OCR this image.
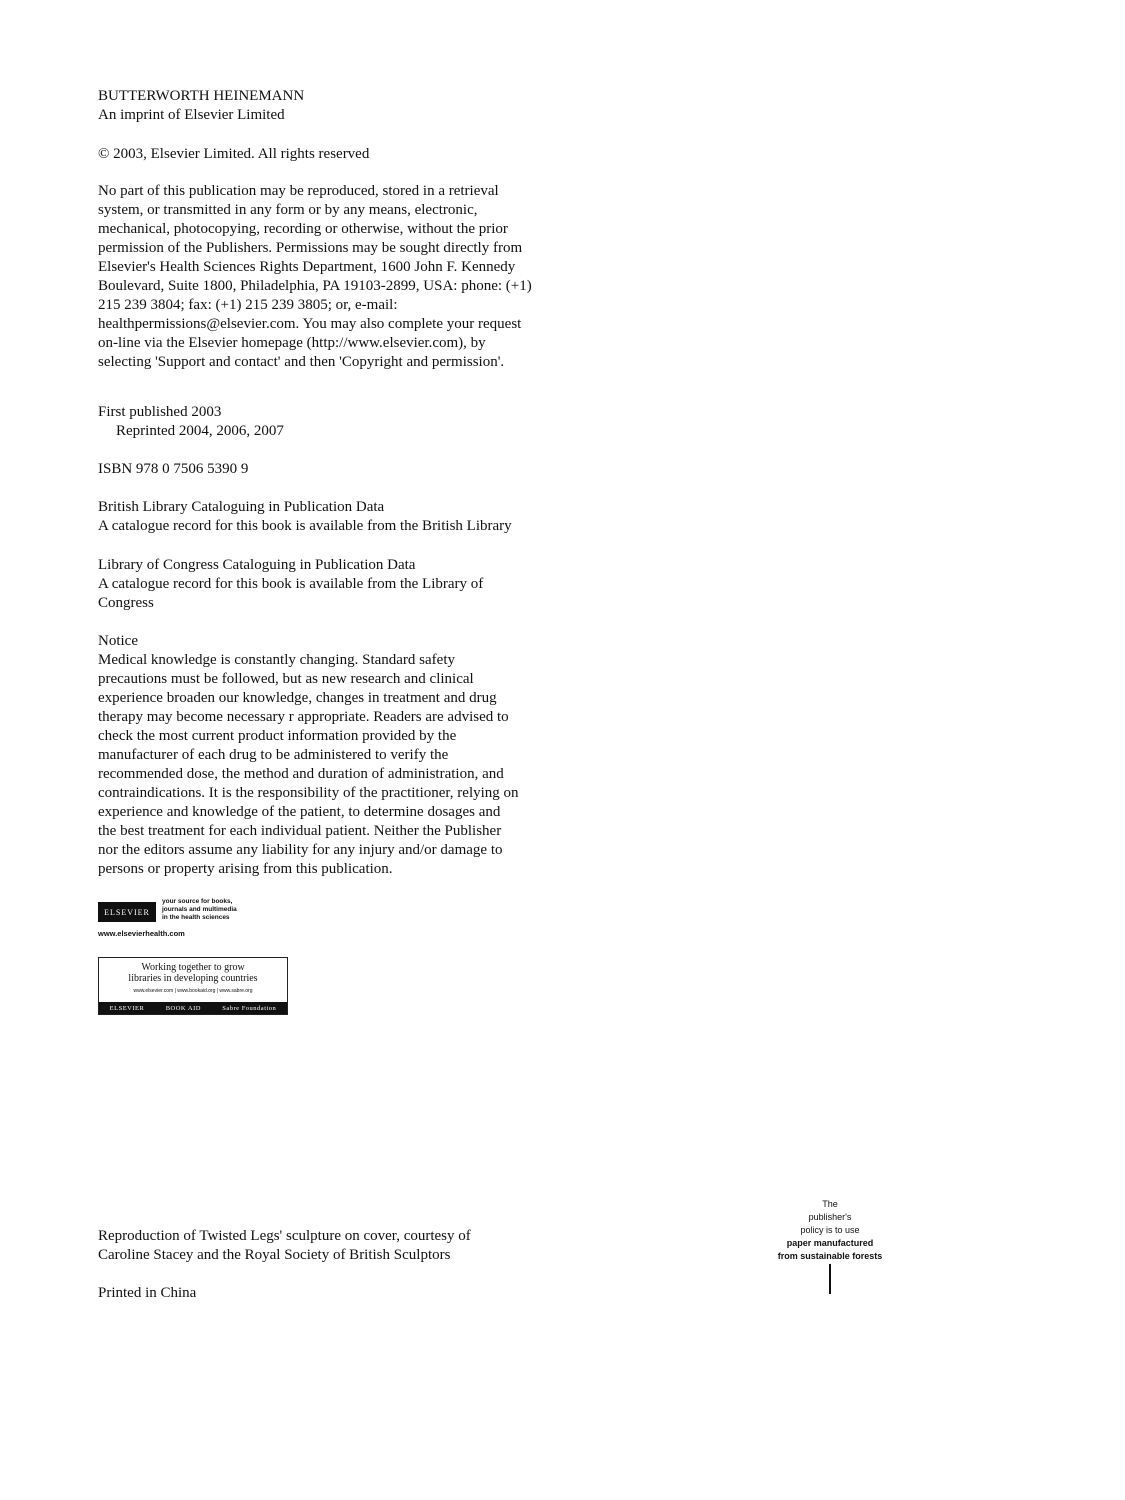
BUTTERWORTH HEINEMANN
An imprint of Elsevier Limited
© 2003, Elsevier Limited. All rights reserved
No part of this publication may be reproduced, stored in a retrieval
system, or transmitted in any form or by any means, electronic,
mechanical, photocopying, recording or otherwise, without the prior
permission of the Publishers. Permissions may be sought directly from
Elsevier's Health Sciences Rights Department, 1600 John F. Kennedy
Boulevard, Suite 1800, Philadelphia, PA 19103-2899, USA: phone: (+1)
215 239 3804; fax: (+1) 215 239 3805; or, e-mail:
healthpermissions@elsevier.com. You may also complete your request
on-line via the Elsevier homepage (http://www.elsevier.com), by
selecting 'Support and contact' and then 'Copyright and permission'.
First published 2003
Reprinted 2004, 2006, 2007
ISBN 978 0 7506 5390 9
British Library Cataloguing in Publication Data
A catalogue record for this book is available from the British Library
Library of Congress Cataloguing in Publication Data
A catalogue record for this book is available from the Library of
Congress
Notice
Medical knowledge is constantly changing. Standard safety
precautions must be followed, but as new research and clinical
experience broaden our knowledge, changes in treatment and drug
therapy may become necessary r appropriate. Readers are advised to
check the most current product information provided by the
manufacturer of each drug to be administered to verify the
recommended dose, the method and duration of administration, and
contraindications. It is the responsibility of the practitioner, relying on
experience and knowledge of the patient, to determine dosages and
the best treatment for each individual patient. Neither the Publisher
nor the editors assume any liability for any injury and/or damage to
persons or property arising from this publication.
ELSEVIER
your source for books,
journals and multimedia
in the health sciences
www.elsevierhealth.com
Working together to grow
libraries in developing countries
www.elsevier.com | www.bookaid.org | www.sabre.org
ELSEVIER	BOOK AID	Sabre Foundation
Reproduction of Twisted Legs' sculpture on cover, courtesy of
Caroline Stacey and the Royal Society of British Sculptors
Printed in China
The
publisher's
policy is to use
paper manufactured
from sustainable forests
